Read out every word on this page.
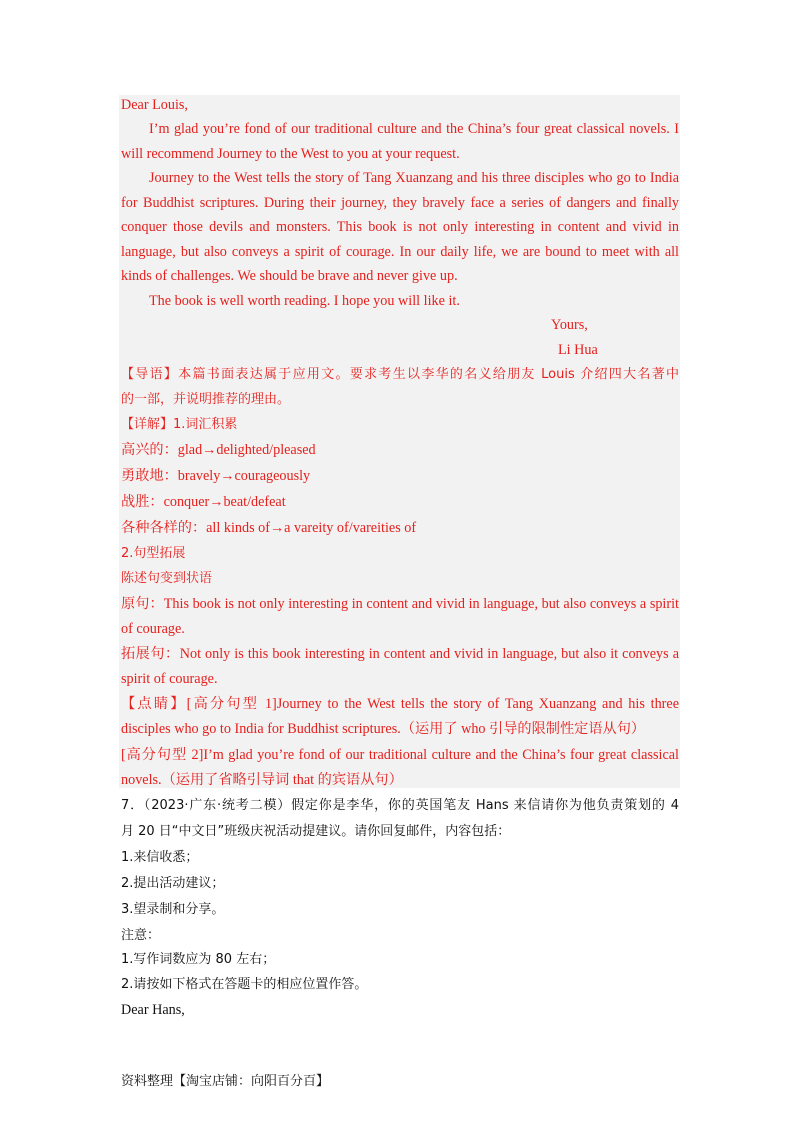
Dear Louis,
I’m glad you’re fond of our traditional culture and the China’s four great classical novels. I
will recommend Journey to the West to you at your request.
Journey to the West tells the story of Tang Xuanzang and his three disciples who go to India
for Buddhist scriptures. During their journey, they bravely face a series of dangers and finally
conquer those devils and monsters. This book is not only interesting in content and vivid in
language, but also conveys a spirit of courage. In our daily life, we are bound to meet with all
kinds of challenges. We should be brave and never give up.
The book is well worth reading. I hope you will like it.
Yours,
Li Hua
【导语】本篇书面表达属于应用文。要求考生以李华的名义给朋友 Louis 介绍四大名著中
的一部，并说明推荐的理由。
【详解】1.词汇积累
高兴的：glad→delighted/pleased
勇敢地：bravely→courageously
战胜：conquer→beat/defeat
各种各样的：all kinds of→a vareity of/vareities of
2.句型拓展
陈述句变到状语
原句：This book is not only interesting in content and vivid in language, but also conveys a spirit
of courage.
拓展句：Not only is this book interesting in content and vivid in language, but also it conveys a
spirit of courage.
【点睛】[高分句型 1]Journey to the West tells the story of Tang Xuanzang and his three
disciples who go to India for Buddhist scriptures.（运用了 who 引导的限制性定语从句）
[高分句型 2]I’m glad you’re fond of our traditional culture and the China’s four great classical
novels.（运用了省略引导词 that 的宾语从句）
7．（2023·广东·统考二模）假定你是李华，你的英国笔友 Hans 来信请你为他负责策划的 4
月 20 日“中文日”班级庆祝活动提建议。请你回复邮件，内容包括：
1.来信收悉；
2.提出活动建议；
3.望录制和分享。
注意：
1.写作词数应为 80 左右；
2.请按如下格式在答题卡的相应位置作答。
Dear Hans,
资料整理【淘宝店铺：向阳百分百】
